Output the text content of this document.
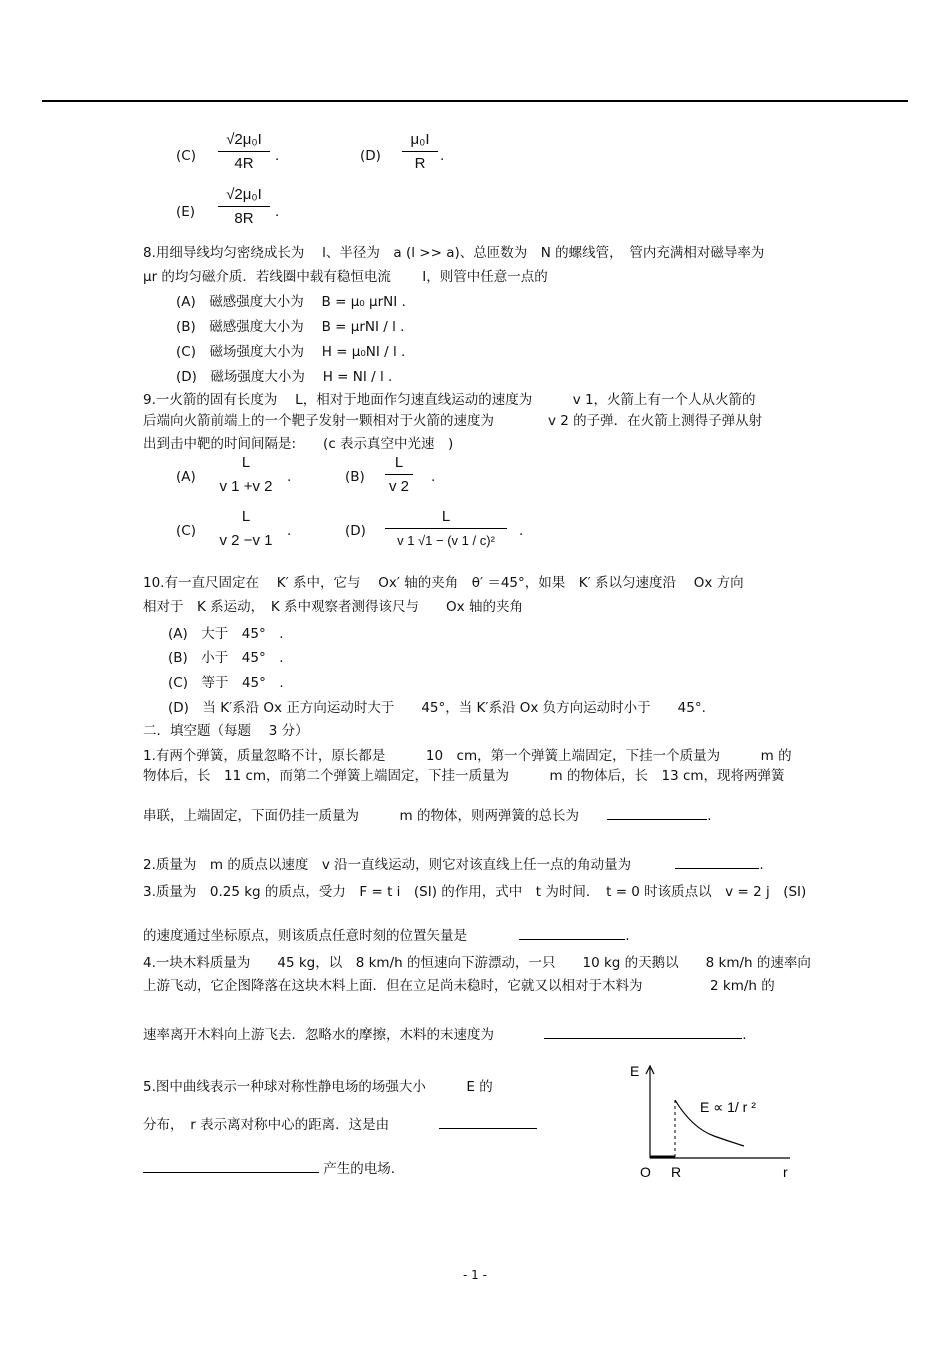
(C)
√2μ₀I
4R	.	(D)
μ₀I
R	.
(E)
√2μ₀I
8R	.
8.用细导线均匀密绕成长为　 l、半径为　a (l >> a)、总匝数为　N 的螺线管，　管内充满相对磁导率为
μr 的均匀磁介质．若线圈中载有稳恒电流　　 I，则管中任意一点的
(A)　磁感强度大小为　 B = μ₀ μrNI .
(B)　磁感强度大小为　 B = μrNI / l .
(C)　磁场强度大小为　 H = μ₀NI / l .
(D)　磁场强度大小为　 H = NI / l .
9.一火箭的固有长度为　 L，相对于地面作匀速直线运动的速度为　　　v 1，火箭上有一个人从火箭的
后端向火箭前端上的一个靶子发射一颗相对于火箭的速度为　　　　v 2 的子弹．在火箭上测得子弹从射
出到击中靶的时间间隔是:　　(c 表示真空中光速　)
(A)
L
v 1 +v 2
.	(B)
L
v 2
.
(C)
L
v 2 −v 1
.	(D)
L
v 1 √1 − (v 1 / c)²
.
10.有一直尺固定在　 K′ 系中，它与　 Ox′ 轴的夹角　θ′ ＝45°，如果　K′ 系以匀速度沿　 Ox 方向
相对于　K 系运动，　K 系中观察者测得该尺与　　Ox 轴的夹角
(A)　大于　45°　.
(B)　小于　45°　.
(C)　等于　45°　.
(D)　当 K′系沿 Ox 正方向运动时大于　　45°，当 K′系沿 Ox 负方向运动时小于　　45°.
二．填空题（每题　 3 分）
1.有两个弹簧，质量忽略不计，原长都是　　　10　cm，第一个弹簧上端固定，下挂一个质量为　　　m 的
物体后，长　11 cm，而第二个弹簧上端固定，下挂一质量为　　　m 的物体后，长　13 cm，现将两弹簧
串联，上端固定，下面仍挂一质量为　　　m 的物体，则两弹簧的总长为	.
2.质量为　m 的质点以速度　v 沿一直线运动，则它对该直线上任一点的角动量为	.
3.质量为　0.25 kg 的质点，受力　F = t i　(SI) 的作用，式中　t 为时间．　t = 0 时该质点以　v = 2 j　(SI)
的速度通过坐标原点，则该质点任意时刻的位置矢量是	.
4.一块木料质量为　　45 kg，以　8 km/h 的恒速向下游漂动，一只　　10 kg 的天鹅以　　8 km/h 的速率向
上游飞动，它企图降落在这块木料上面．但在立足尚未稳时，它就又以相对于木料为　　　　　2 km/h 的
速率离开木料向上游飞去．忽略水的摩擦，木料的末速度为	.
5.图中曲线表示一种球对称性静电场的场强大小　　　E 的
分布，　r 表示离对称中心的距离．这是由
产生的电场.
E
E ∝ 1/ r ²
O R	r
- 1 -
